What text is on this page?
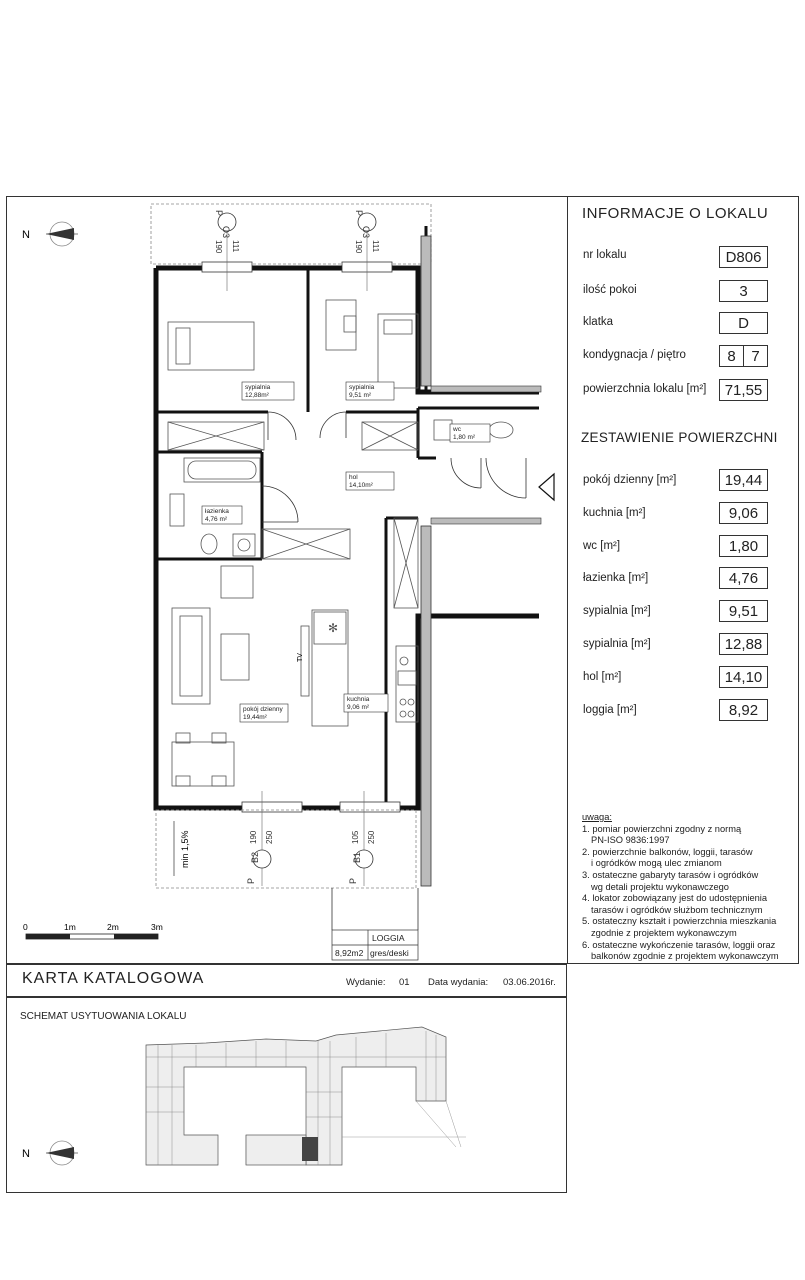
N	O3
P
190 111
O3
P
190 111
B2
P
190 250
B1
P
105 250
min 1,5%
TV
✻
sypialnia
12,88m²
sypialnia
9,51 m²
wc
1,80 m²
hol
14,10m²
łazienka
4,76 m²
kuchnia
9,06 m²
pokój dzienny
19,44m²
LOGGIA
8,92m2 gres/deski
0	1m	2m	3m
INFORMACJE O LOKALU
nr lokalu	D806
ilość pokoi	3
klatka	D
kondygnacja / piętro	8	7
powierzchnia lokalu [m²]	71,55
ZESTAWIENIE POWIERZCHNI
pokój dzienny [m²]	19,44
kuchnia [m²]	9,06
wc [m²]	1,80
łazienka [m²]	4,76
sypialnia [m²]	9,51
sypialnia [m²]	12,88
hol [m²]	14,10
loggia [m²]	8,92
uwaga:
1. pomiar powierzchni zgodny z normą
PN-ISO 9836:1997
2. powierzchnie balkonów, loggii, tarasów
i ogródków mogą ulec zmianom
3. ostateczne gabaryty tarasów i ogródków
wg detali projektu wykonawczego
4. lokator zobowiązany jest do udostępnienia
tarasów i ogródków służbom technicznym
5. ostateczny kształt i powierzchnia mieszkania
zgodnie z projektem wykonawczym
6. ostateczne wykończenie tarasów, loggii oraz
balkonów zgodnie z projektem wykonawczym
KARTA KATALOGOWA	Wydanie: 01 Data wydania: 03.06.2016r.
SCHEMAT USYTUOWANIA LOKALU
N
